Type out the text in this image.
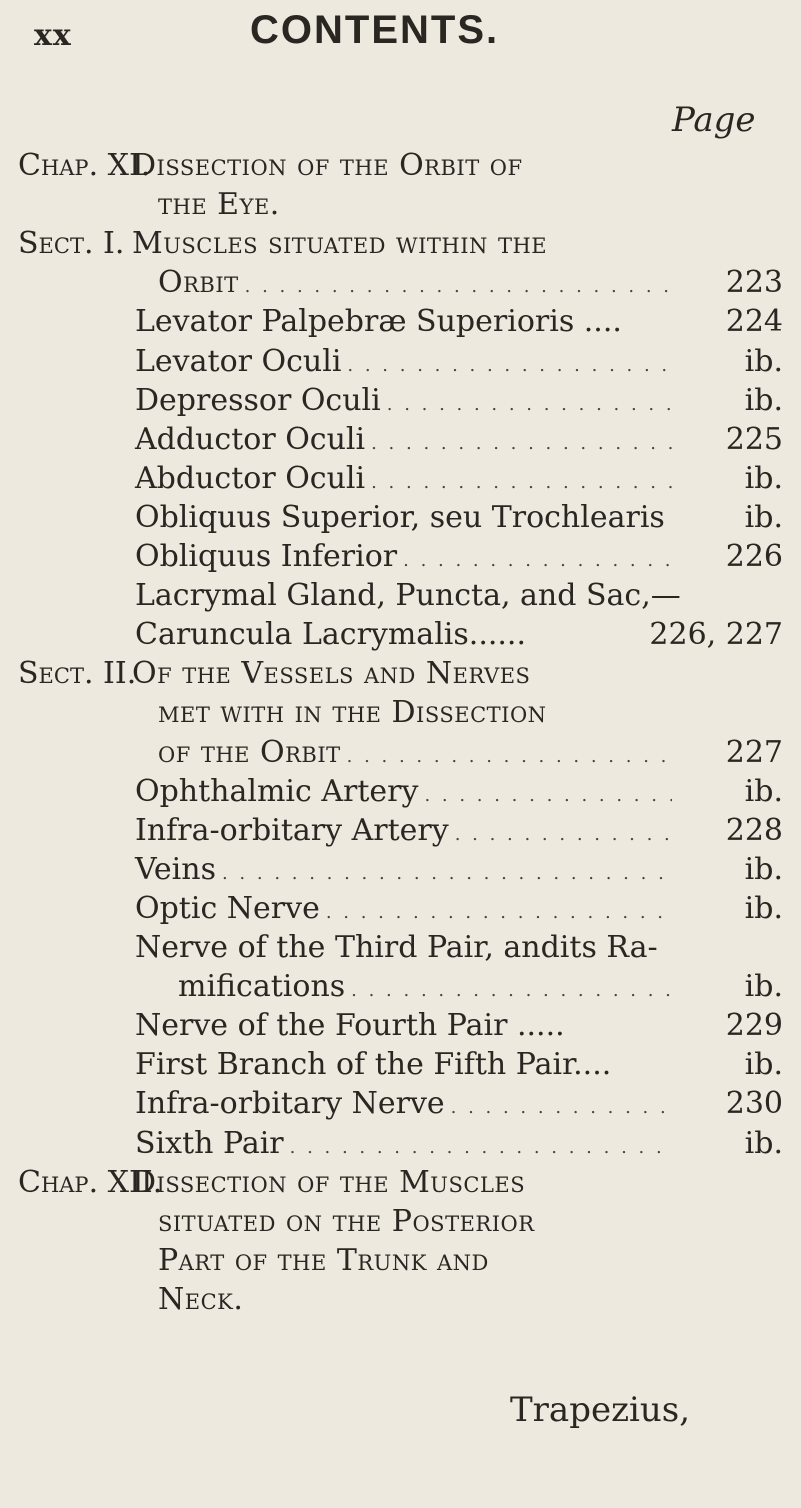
xx	CONTENTS.
Page
Chap. XI.
Dissection of the Orbit of
the Eye.
Sect. I. Muscles situated within the
Orbit . . .	223
Levator Palpebræ Superioris ....	224
Levator Oculi . . .	ib.
Depressor Oculi . . .	ib.
Adductor Oculi . . .	225
Abductor Oculi . . .	ib.
Obliquus Superior, seu Trochlearis	ib.
Obliquus Inferior . . .	226
Lacrymal Gland, Puncta, and Sac,—
Caruncula Lacrymalis......	226, 227
Sect. II.
Of the Vessels and Nerves
met with in the Dissection
of the Orbit . . .	227
Ophthalmic Artery . . .	ib.
Infra-orbitary Artery . . .	228
Veins . . .	ib.
Optic Nerve . . .	ib.
Nerve of the Third Pair, andits Ra-
mifications . . .	ib.
Nerve of the Fourth Pair .....	229
First Branch of the Fifth Pair....	ib.
Infra-orbitary Nerve . . .	230
Sixth Pair . . .	ib.
Chap. XII.
Dissection of the Muscles
situated on the Posterior
Part of the Trunk and
Neck.
Trapezius,
